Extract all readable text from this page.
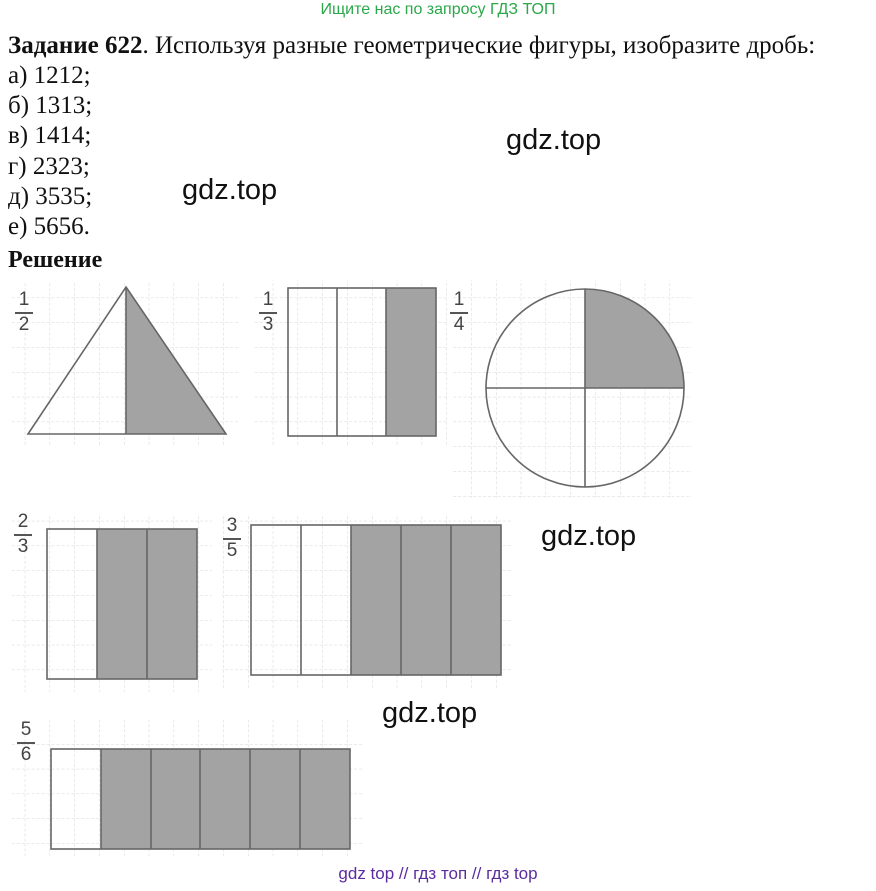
Ищите нас по запросу ГДЗ ТОП
Задание 622. Используя разные геометрические фигуры, изобразите дробь:
а) 1212;
б) 1313;
в) 1414;
г) 2323;
д) 3535;
е) 5656.
Решение
1
2
1
3
1
4
2
3
3
5
5
6
gdz.top
gdz.top
gdz.top
gdz.top
gdz top // гдз топ // гдз top
